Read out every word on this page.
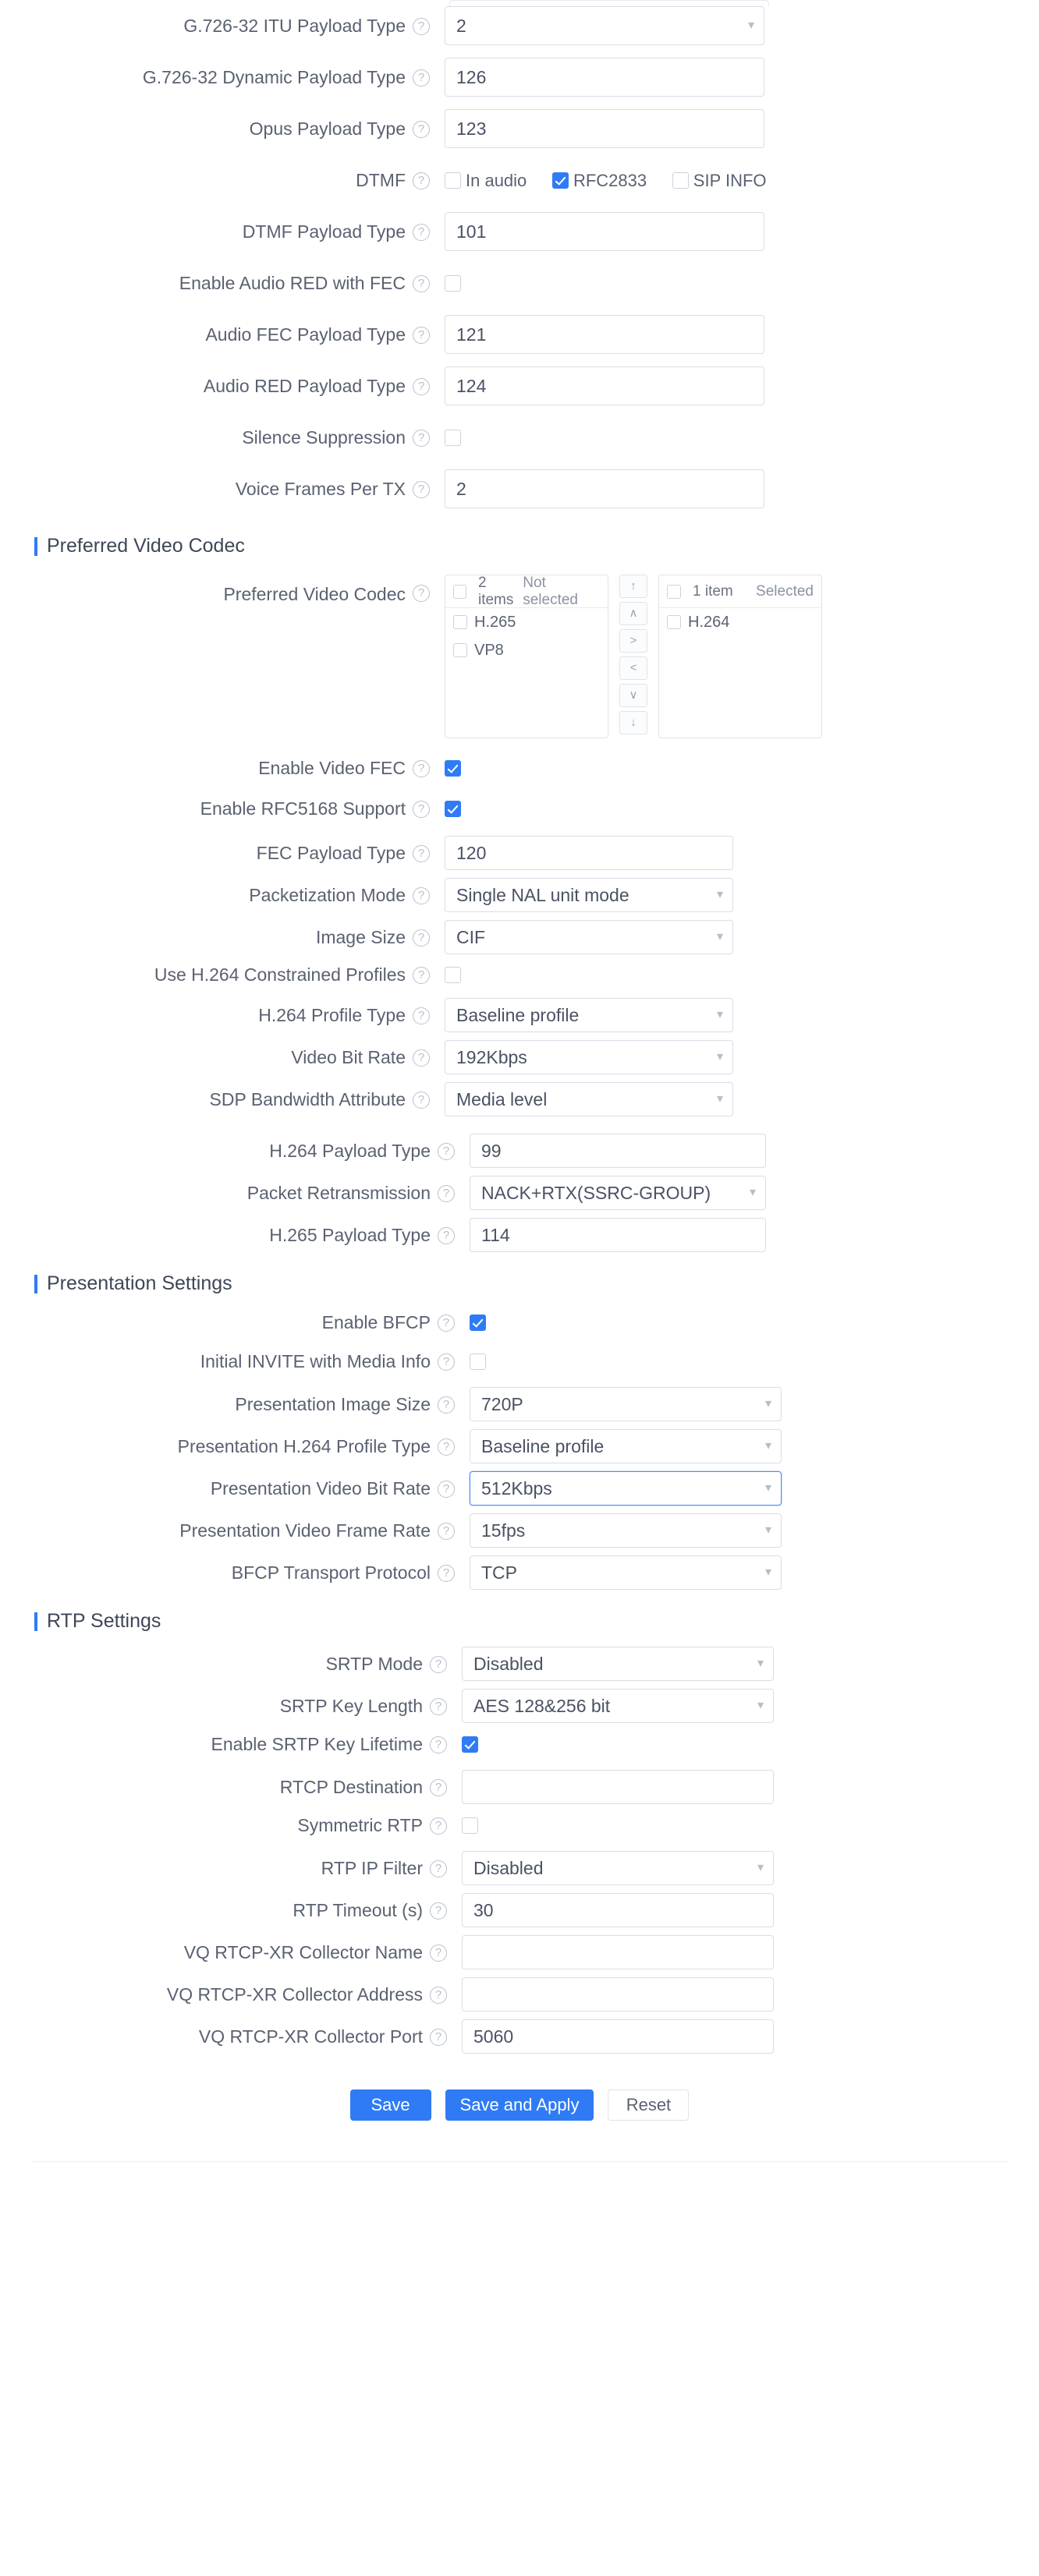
G.726-32 ITU Payload Type	?	2	▾
G.726-32 Dynamic Payload Type	?	126
Opus Payload Type	?	123
DTMF	?	In audio	RFC2833	SIP INFO
DTMF Payload Type	?	101
Enable Audio RED with FEC	?
Audio FEC Payload Type	?	121
Audio RED Payload Type	?	124
Silence Suppression	?
Voice Frames Per TX	?	2
Preferred Video Codec
Preferred Video Codec	?
2 items
Not selected
H.265
VP8
↑
∧
>
<
∨
↓
1 item Selected
H.264
Enable Video FEC	?
Enable RFC5168 Support	?
FEC Payload Type	?	120
Packetization Mode	?	Single NAL unit mode	▾
Image Size	?	CIF	▾
Use H.264 Constrained Profiles	?
H.264 Profile Type	?	Baseline profile	▾
Video Bit Rate	?	192Kbps	▾
SDP Bandwidth Attribute	?	Media level	▾
H.264 Payload Type	?	99
Packet Retransmission	?	NACK+RTX(SSRC-GROUP)	▾
H.265 Payload Type	?	114
Presentation Settings
Enable BFCP	?
Initial INVITE with Media Info	?
Presentation Image Size	?	720P	▾
Presentation H.264 Profile Type	?	Baseline profile	▾
Presentation Video Bit Rate	?	512Kbps	▾
Presentation Video Frame Rate	?	15fps	▾
BFCP Transport Protocol	?	TCP	▾
RTP Settings
SRTP Mode	?	Disabled	▾
SRTP Key Length	?	AES 128&256 bit	▾
Enable SRTP Key Lifetime	?
RTCP Destination	?
Symmetric RTP	?
RTP IP Filter	?	Disabled	▾
RTP Timeout (s)	?	30
VQ RTCP-XR Collector Name	?
VQ RTCP-XR Collector Address	?
VQ RTCP-XR Collector Port	?	5060
Save	Save and Apply	Reset
